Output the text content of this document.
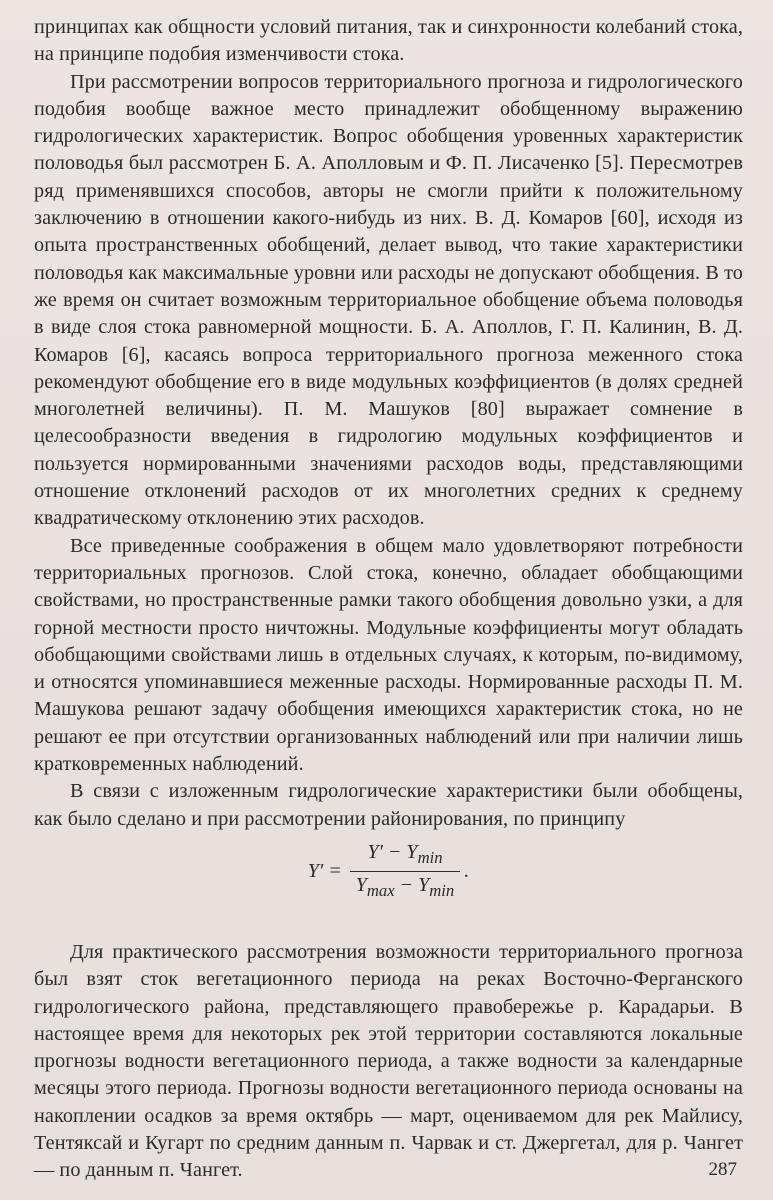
принципах как общности условий питания, так и синхронности колебаний стока, на принципе подобия изменчивости стока.

При рассмотрении вопросов территориального прогноза и гидрологического подобия вообще важное место принадлежит обобщенному выражению гидрологических характеристик. Вопрос обобщения уровенных характеристик половодья был рассмотрен Б. А. Аполловым и Ф. П. Лисаченко [5]. Пересмотрев ряд применявшихся способов, авторы не смогли прийти к положительному заключению в отношении какого-нибудь из них. В. Д. Комаров [60], исходя из опыта пространственных обобщений, делает вывод, что такие характеристики половодья как максимальные уровни или расходы не допускают обобщения. В то же время он считает возможным территориальное обобщение объема половодья в виде слоя стока равномерной мощности. Б. А. Аполлов, Г. П. Калинин, В. Д. Комаров [6], касаясь вопроса территориального прогноза меженного стока рекомендуют обобщение его в виде модульных коэффициентов (в долях средней многолетней величины). П. М. Машуков [80] выражает сомнение в целесообразности введения в гидрологию модульных коэффициентов и пользуется нормированными значениями расходов воды, представляющими отношение отклонений расходов от их многолетних средних к среднему квадратическому отклонению этих расходов.

Все приведенные соображения в общем мало удовлетворяют потребности территориальных прогнозов. Слой стока, конечно, обладает обобщающими свойствами, но пространственные рамки такого обобщения довольно узки, а для горной местности просто ничтожны. Модульные коэффициенты могут обладать обобщающими свойствами лишь в отдельных случаях, к которым, по-видимому, и относятся упоминавшиеся меженные расходы. Нормированные расходы П. М. Машукова решают задачу обобщения имеющихся характеристик стока, но не решают ее при отсутствии организованных наблюдений или при наличии лишь кратковременных наблюдений.

В связи с изложенным гидрологические характеристики были обобщены, как было сделано и при рассмотрении районирования, по принципу

$Y' = \frac{Y' - Y_{min}}{Y_{max} - Y_{min}}$ .

Для практического рассмотрения возможности территориального прогноза был взят сток вегетационного периода на реках Восточно-Ферганского гидрологического района, представляющего правобережье р. Карадарьи. В настоящее время для некоторых рек этой территории составляются локальные прогнозы водности вегетационного периода, а также водности за календарные месяцы этого периода. Прогнозы водности вегетационного периода основаны на накоплении осадков за время октябрь — март, оцениваемом для рек Майлису, Тентяксай и Кугарт по средним данным п. Чарвак и ст. Джергетал, для р. Чангет — по данным п. Чангет.	287
